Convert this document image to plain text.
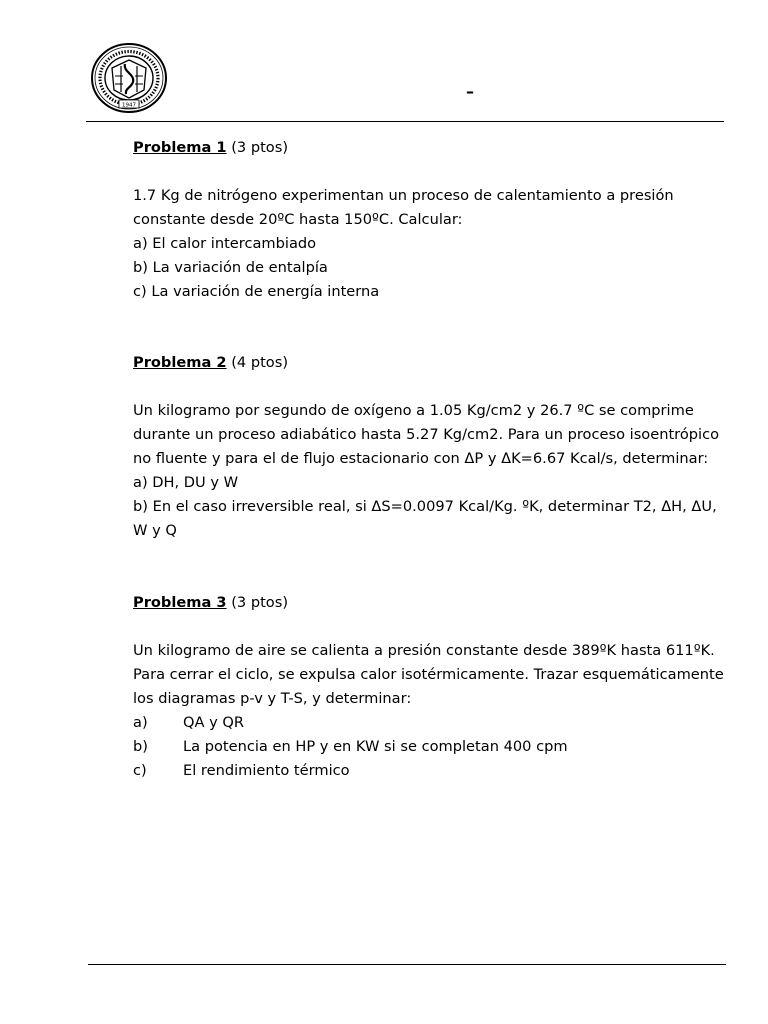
1947
–

Problema 1 (3 ptos)

1.7 Kg de nitrógeno experimentan un proceso de calentamiento a presión

constante desde 20ºC hasta 150ºC. Calcular:

a) El calor intercambiado

b) La variación de entalpía

c) La variación de energía interna

Problema 2 (4 ptos)

Un kilogramo por segundo de oxígeno a 1.05 Kg/cm2 y 26.7 ºC se comprime

durante un proceso adiabático hasta 5.27 Kg/cm2. Para un proceso isoentrópico

no fluente y para el de flujo estacionario con ΔP y ΔK=6.67 Kcal/s, determinar:

a) DH, DU y W

b) En el caso irreversible real, si ΔS=0.0097 Kcal/Kg. ºK, determinar T2, ΔH, ΔU,

W y Q

Problema 3 (3 ptos)

Un kilogramo de aire se calienta a presión constante desde 389ºK hasta 611ºK.

Para cerrar el ciclo, se expulsa calor isotérmicamente. Trazar esquemáticamente

los diagramas p-v y T-S, y determinar:

a)	QA y QR
b)	La potencia en HP y en KW si se completan 400 cpm
c)	El rendimiento térmico
